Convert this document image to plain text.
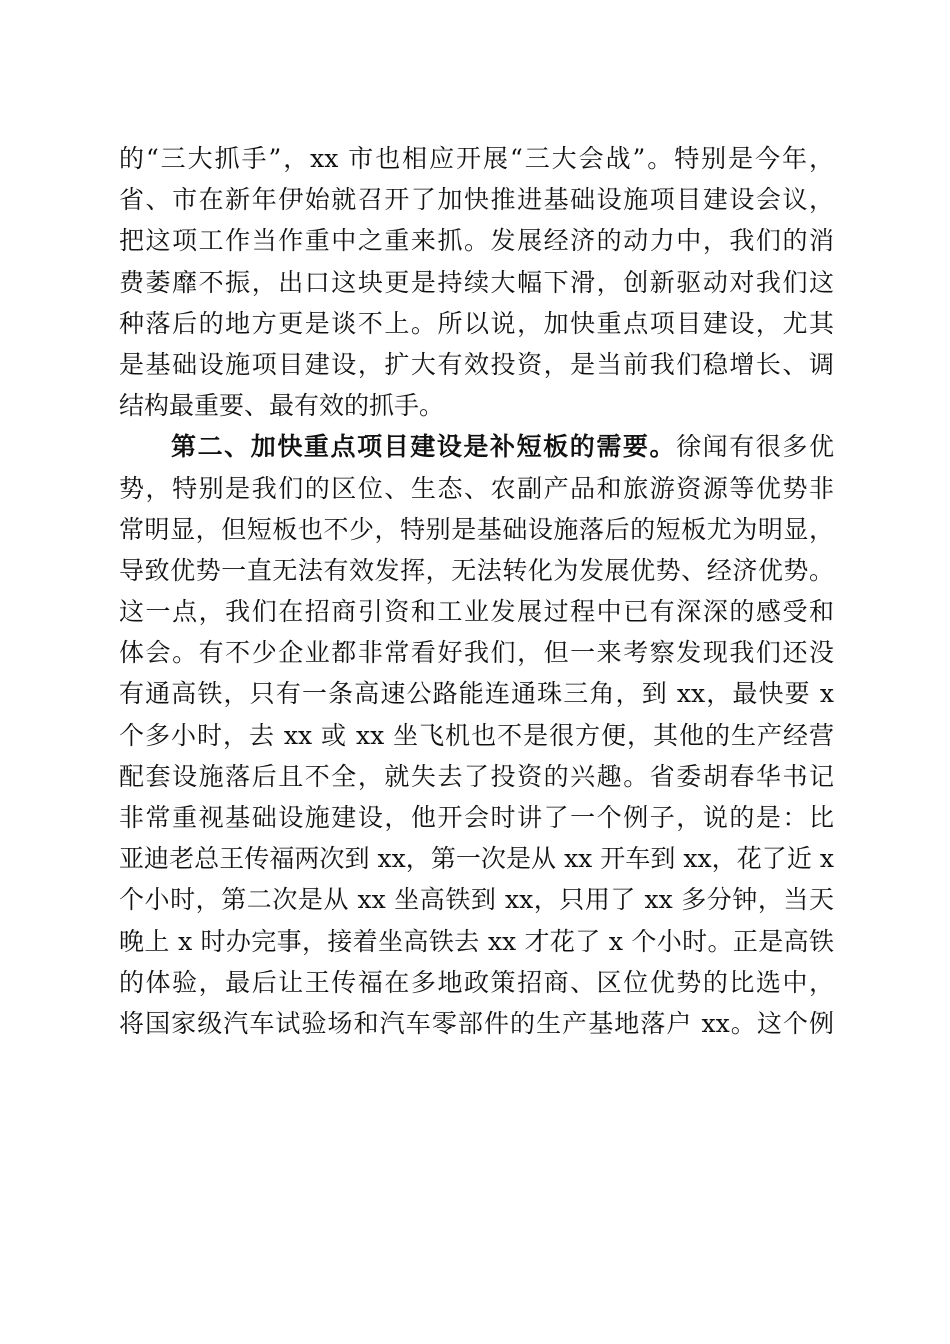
的“三大抓手”，xx 市也相应开展“三大会战”。特别是今年，
省、市在新年伊始就召开了加快推进基础设施项目建设会议，
把这项工作当作重中之重来抓。发展经济的动力中，我们的消
费萎靡不振，出口这块更是持续大幅下滑，创新驱动对我们这
种落后的地方更是谈不上。所以说，加快重点项目建设，尤其
是基础设施项目建设，扩大有效投资，是当前我们稳增长、调
结构最重要、最有效的抓手。
第二、加快重点项目建设是补短板的需要。徐闻有很多优
势，特别是我们的区位、生态、农副产品和旅游资源等优势非
常明显，但短板也不少，特别是基础设施落后的短板尤为明显，
导致优势一直无法有效发挥，无法转化为发展优势、经济优势。
这一点，我们在招商引资和工业发展过程中已有深深的感受和
体会。有不少企业都非常看好我们，但一来考察发现我们还没
有通高铁，只有一条高速公路能连通珠三角，到 xx，最快要 x
个多小时，去 xx 或 xx 坐飞机也不是很方便，其他的生产经营
配套设施落后且不全，就失去了投资的兴趣。省委胡春华书记
非常重视基础设施建设，他开会时讲了一个例子，说的是：比
亚迪老总王传福两次到 xx，第一次是从 xx 开车到 xx，花了近 x
个小时，第二次是从 xx 坐高铁到 xx，只用了 xx 多分钟，当天
晚上 x 时办完事，接着坐高铁去 xx 才花了 x 个小时。正是高铁
的体验，最后让王传福在多地政策招商、区位优势的比选中，
将国家级汽车试验场和汽车零部件的生产基地落户 xx。这个例
